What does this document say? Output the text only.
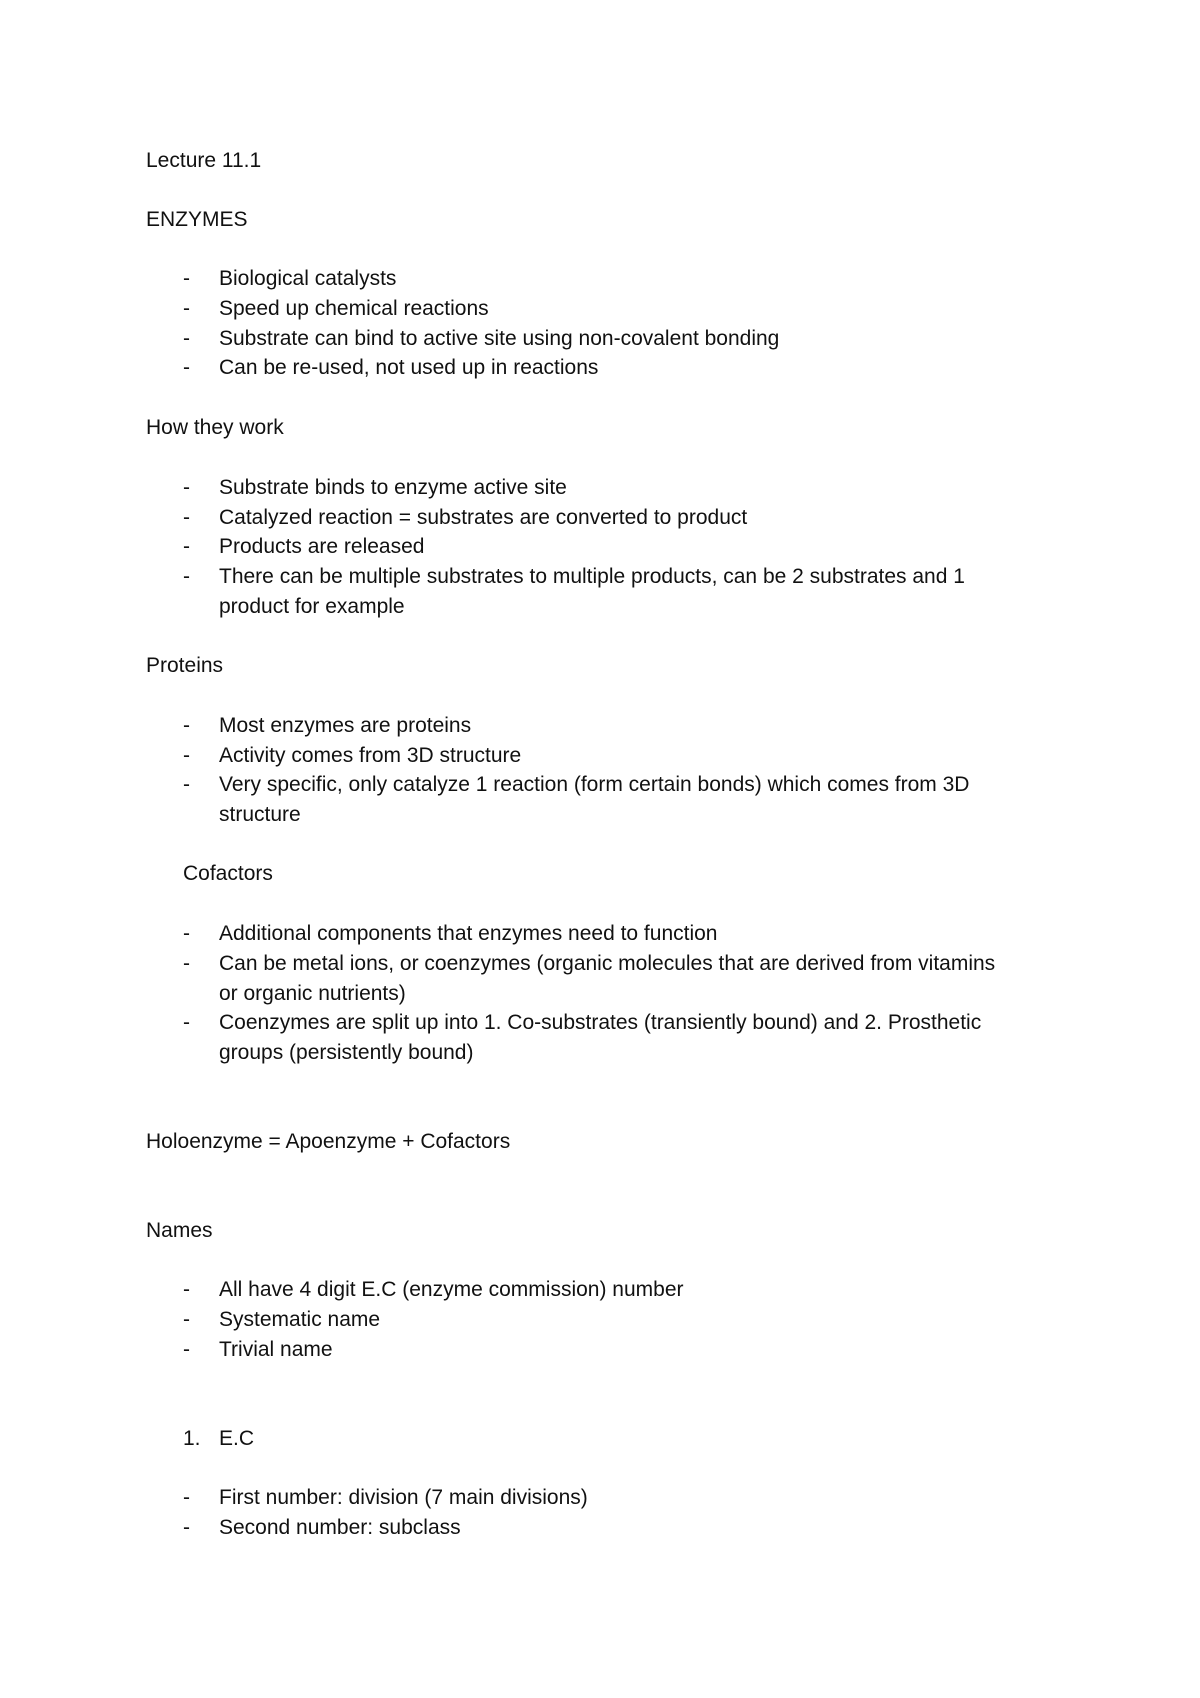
Lecture 11.1
ENZYMES
- Biological catalysts
- Speed up chemical reactions
- Substrate can bind to active site using non-covalent bonding
- Can be re-used, not used up in reactions
How they work
- Substrate binds to enzyme active site
- Catalyzed reaction = substrates are converted to product
- Products are released
- There can be multiple substrates to multiple products, can be 2 substrates and 1
product for example
Proteins
- Most enzymes are proteins
- Activity comes from 3D structure
- Very specific, only catalyze 1 reaction (form certain bonds) which comes from 3D
structure
Cofactors
- Additional components that enzymes need to function
- Can be metal ions, or coenzymes (organic molecules that are derived from vitamins
or organic nutrients)
- Coenzymes are split up into 1. Co-substrates (transiently bound) and 2. Prosthetic
groups (persistently bound)
Holoenzyme = Apoenzyme + Cofactors
Names
- All have 4 digit E.C (enzyme commission) number
- Systematic name
- Trivial name
1. E.C
- First number: division (7 main divisions)
- Second number: subclass
